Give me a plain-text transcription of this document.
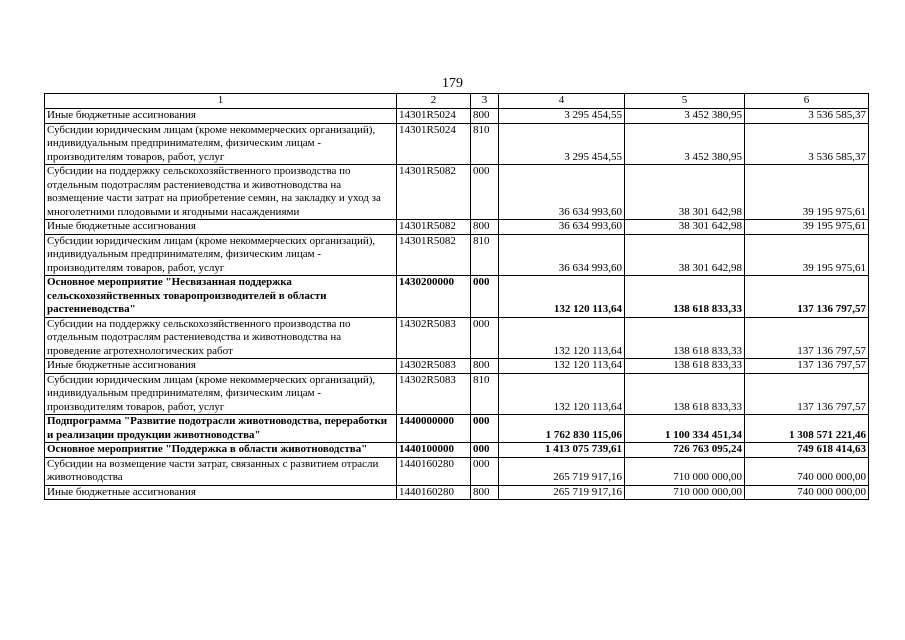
179
1	2	3	4	5	6
Иные бюджетные ассигнования	14301R5024	800	3 295 454,55	3 452 380,95	3 536 585,37
Субсидии юридическим лицам (кроме некоммерческих организаций), индивидуальным предпринимателям, физическим лицам - производителям товаров, работ, услуг	14301R5024	810	3 295 454,55	3 452 380,95	3 536 585,37
Субсидии на поддержку сельскохозяйственного производства по отдельным подотраслям растениеводства и животноводства на возмещение части затрат на приобретение семян, на закладку и уход за многолетними плодовыми и ягодными насаждениями	14301R5082	000	36 634 993,60	38 301 642,98	39 195 975,61
Иные бюджетные ассигнования	14301R5082	800	36 634 993,60	38 301 642,98	39 195 975,61
Субсидии юридическим лицам (кроме некоммерческих организаций), индивидуальным предпринимателям, физическим лицам - производителям товаров, работ, услуг	14301R5082	810	36 634 993,60	38 301 642,98	39 195 975,61
Основное мероприятие "Несвязанная поддержка сельскохозяйственных товаропроизводителей в области растениеводства"	1430200000	000	132 120 113,64	138 618 833,33	137 136 797,57
Субсидии на поддержку сельскохозяйственного производства по отдельным подотраслям растениеводства и животноводства на проведение агротехнологических работ	14302R5083	000	132 120 113,64	138 618 833,33	137 136 797,57
Иные бюджетные ассигнования	14302R5083	800	132 120 113,64	138 618 833,33	137 136 797,57
Субсидии юридическим лицам (кроме некоммерческих организаций), индивидуальным предпринимателям, физическим лицам - производителям товаров, работ, услуг	14302R5083	810	132 120 113,64	138 618 833,33	137 136 797,57
Подпрограмма "Развитие подотрасли животноводства, переработки и реализации продукции животноводства"	1440000000	000	1 762 830 115,06	1 100 334 451,34	1 308 571 221,46
Основное мероприятие "Поддержка в области животноводства"	1440100000	000	1 413 075 739,61	726 763 095,24	749 618 414,63
Субсидии на возмещение части затрат, связанных с развитием отрасли животноводства	1440160280	000	265 719 917,16	710 000 000,00	740 000 000,00
Иные бюджетные ассигнования	1440160280	800	265 719 917,16	710 000 000,00	740 000 000,00
